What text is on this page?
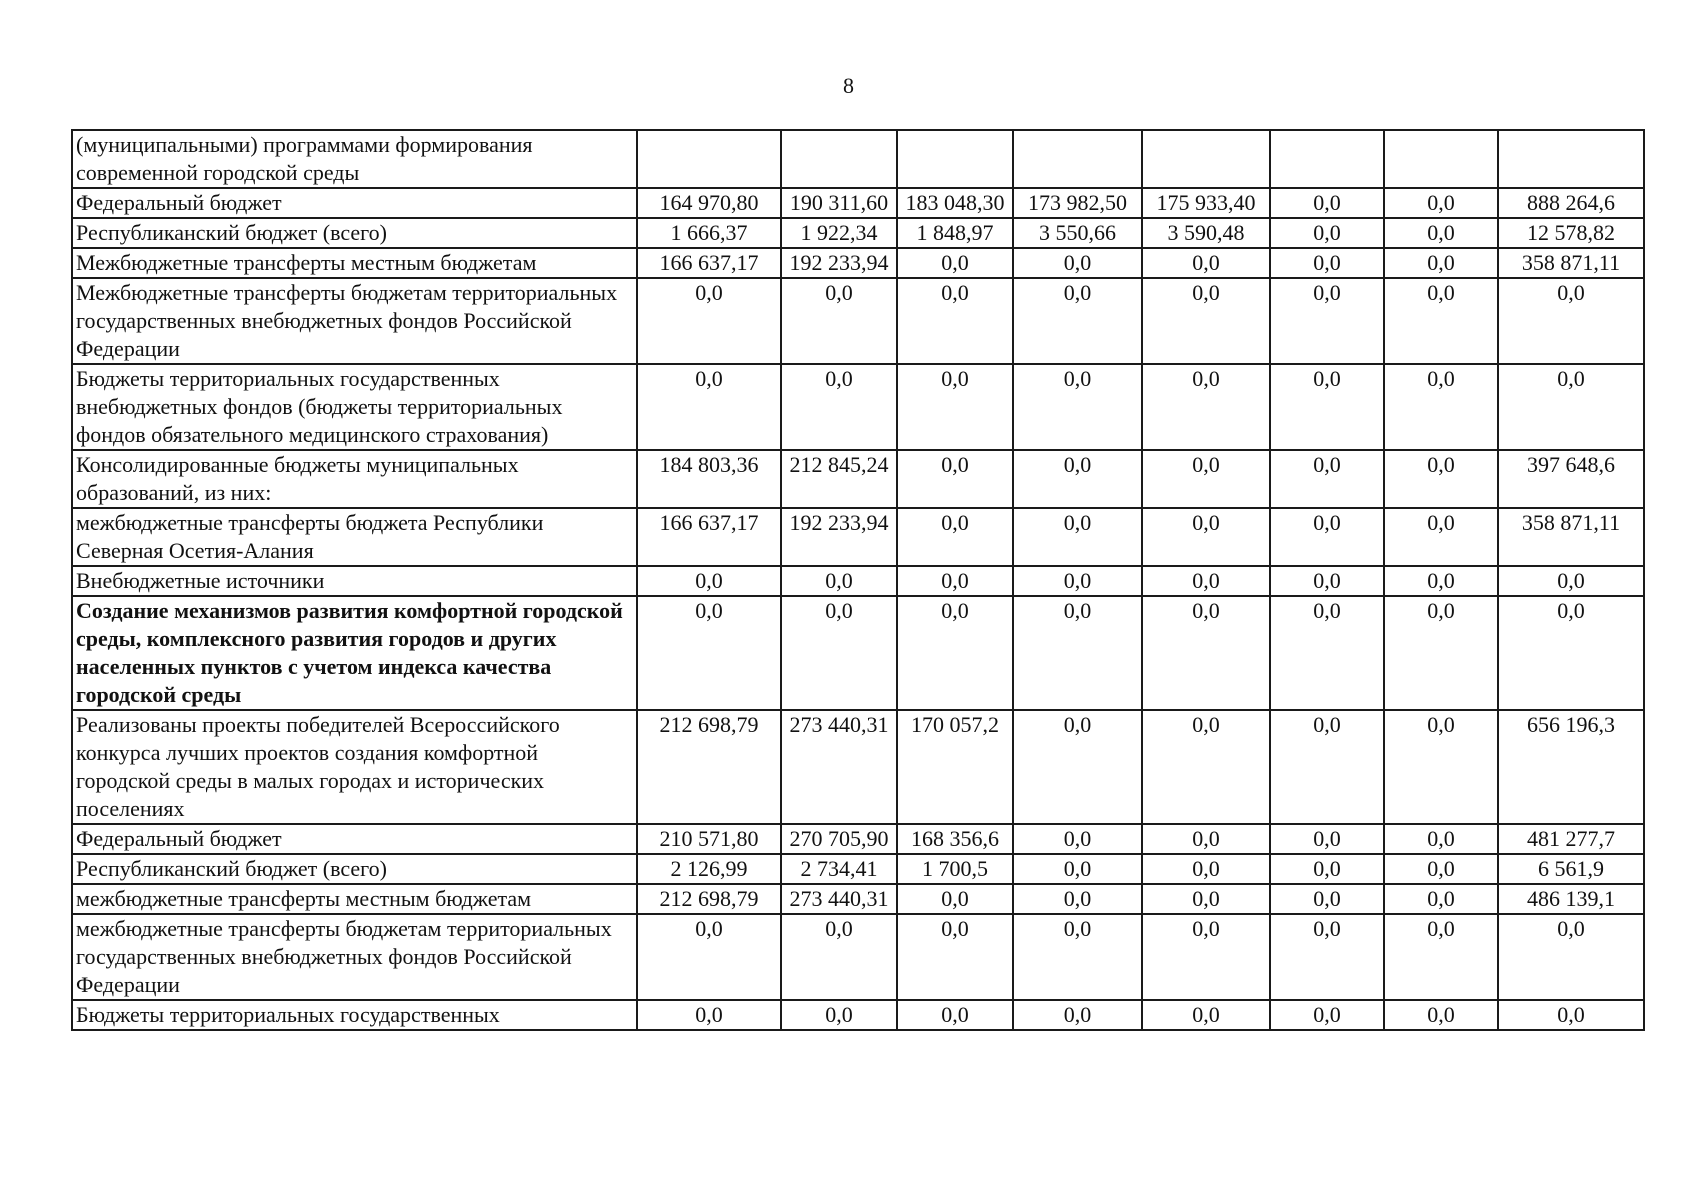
8
(муниципальными) программами формирования современной городской среды								
Федеральный бюджет	164 970,80	190 311,60	183 048,30	173 982,50	175 933,40	0,0	0,0	888 264,6
Республиканский бюджет (всего)	1 666,37	1 922,34	1 848,97	3 550,66	3 590,48	0,0	0,0	12 578,82
Межбюджетные трансферты местным бюджетам	166 637,17	192 233,94	0,0	0,0	0,0	0,0	0,0	358 871,11
Межбюджетные трансферты бюджетам территориальных государственных внебюджетных фондов Российской Федерации	0,0	0,0	0,0	0,0	0,0	0,0	0,0	0,0
Бюджеты территориальных государственных внебюджетных фондов (бюджеты территориальных фондов обязательного медицинского страхования)	0,0	0,0	0,0	0,0	0,0	0,0	0,0	0,0
Консолидированные бюджеты муниципальных образований, из них:	184 803,36	212 845,24	0,0	0,0	0,0	0,0	0,0	397 648,6
межбюджетные трансферты бюджета Республики Северная Осетия-Алания	166 637,17	192 233,94	0,0	0,0	0,0	0,0	0,0	358 871,11
Внебюджетные источники	0,0	0,0	0,0	0,0	0,0	0,0	0,0	0,0
Создание механизмов развития комфортной городской среды, комплексного развития городов и других населенных пунктов с учетом индекса качества городской среды	0,0	0,0	0,0	0,0	0,0	0,0	0,0	0,0
Реализованы проекты победителей Всероссийского конкурса лучших проектов создания комфортной городской среды в малых городах и исторических поселениях	212 698,79	273 440,31	170 057,2	0,0	0,0	0,0	0,0	656 196,3
Федеральный бюджет	210 571,80	270 705,90	168 356,6	0,0	0,0	0,0	0,0	481 277,7
Республиканский бюджет (всего)	2 126,99	2 734,41	1 700,5	0,0	0,0	0,0	0,0	6 561,9
межбюджетные трансферты местным бюджетам	212 698,79	273 440,31	0,0	0,0	0,0	0,0	0,0	486 139,1
межбюджетные трансферты бюджетам территориальных государственных внебюджетных фондов Российской Федерации	0,0	0,0	0,0	0,0	0,0	0,0	0,0	0,0
Бюджеты территориальных государственных	0,0	0,0	0,0	0,0	0,0	0,0	0,0	0,0
